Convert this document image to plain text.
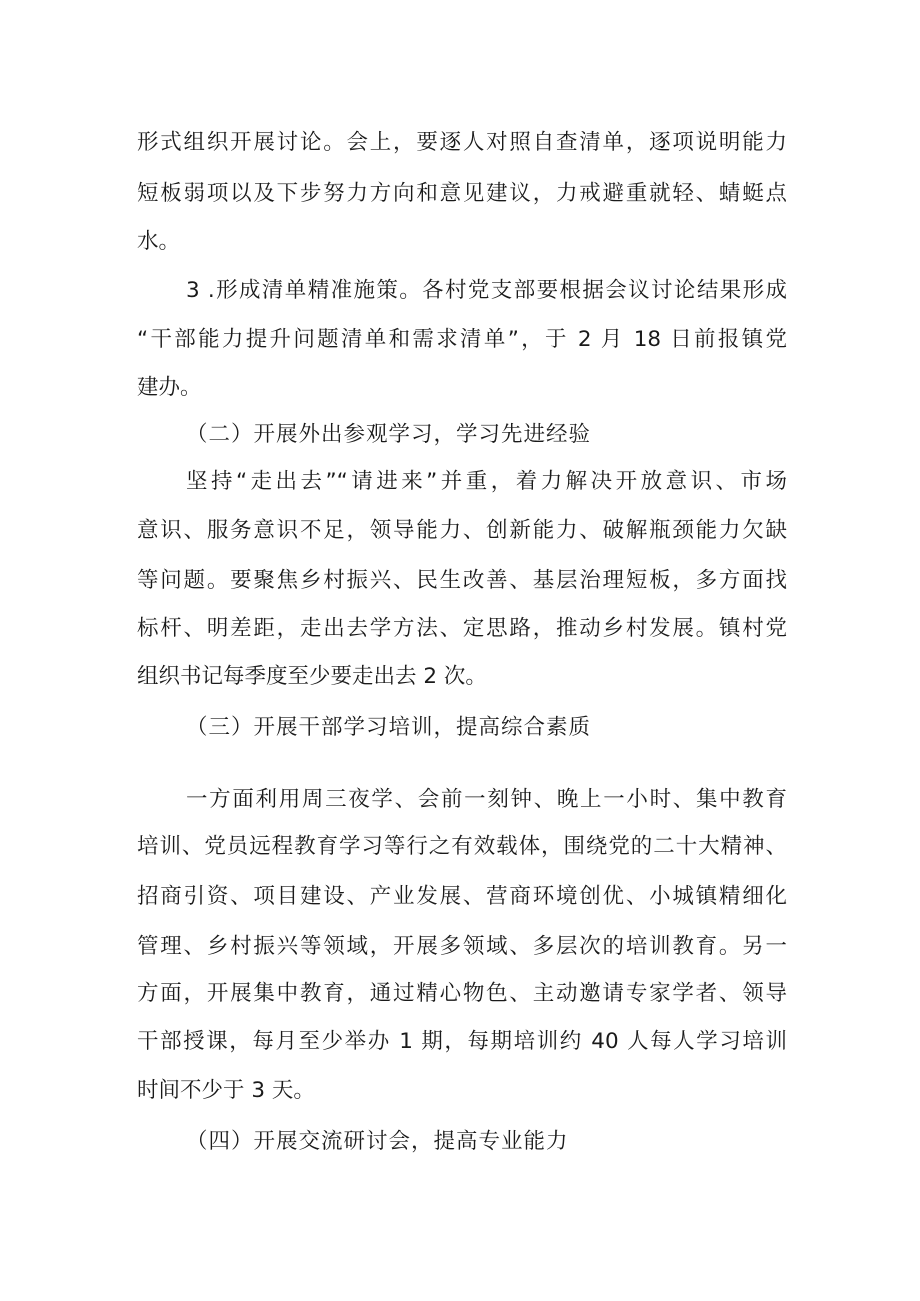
形式组织开展讨论。会上，要逐人对照自查清单，逐项说明能力
短板弱项以及下步努力方向和意见建议，力戒避重就轻、蜻蜓点
水。
3 .形成清单精准施策。各村党支部要根据会议讨论结果形成
“干部能力提升问题清单和需求清单”，于 2 月 18 日前报镇党
建办。
（二）开展外出参观学习，学习先进经验
坚持“走出去”“请进来”并重，着力解决开放意识、市场
意识、服务意识不足，领导能力、创新能力、破解瓶颈能力欠缺
等问题。要聚焦乡村振兴、民生改善、基层治理短板，多方面找
标杆、明差距，走出去学方法、定思路，推动乡村发展。镇村党
组织书记每季度至少要走出去 2 次。
（三）开展干部学习培训，提高综合素质
一方面利用周三夜学、会前一刻钟、晚上一小时、集中教育
培训、党员远程教育学习等行之有效载体，围绕党的二十大精神、
招商引资、项目建设、产业发展、营商环境创优、小城镇精细化
管理、乡村振兴等领域，开展多领域、多层次的培训教育。另一
方面，开展集中教育，通过精心物色、主动邀请专家学者、领导
干部授课，每月至少举办 1 期，每期培训约 40 人每人学习培训
时间不少于 3 天。
（四）开展交流研讨会，提高专业能力
